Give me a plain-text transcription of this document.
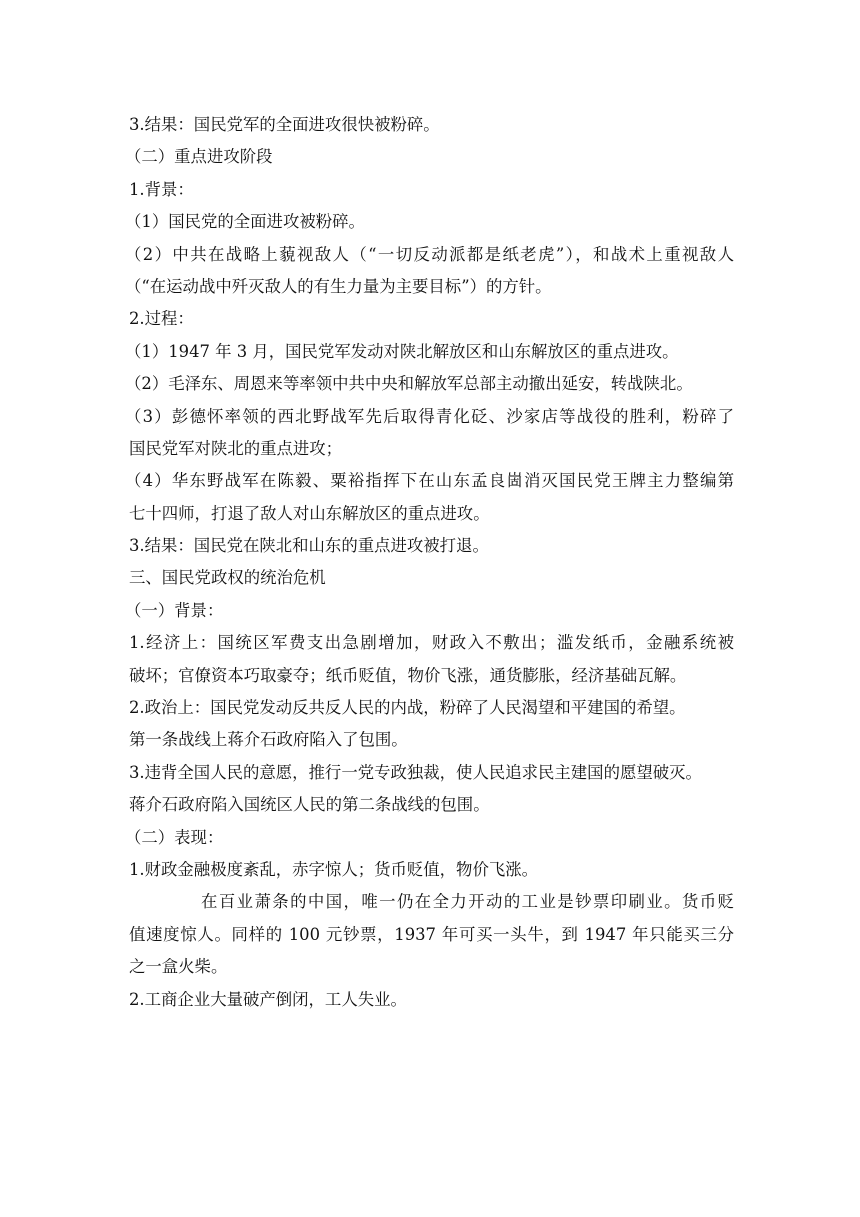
3.结果：国民党军的全面进攻很快被粉碎。
（二）重点进攻阶段
1.背景：
（1）国民党的全面进攻被粉碎。
（2）中共在战略上藐视敌人（“一切反动派都是纸老虎”），和战术上重视敌人
（“在运动战中歼灭敌人的有生力量为主要目标”）的方针。
2.过程：
（1）1947 年 3 月，国民党军发动对陕北解放区和山东解放区的重点进攻。
（2）毛泽东、周恩来等率领中共中央和解放军总部主动撤出延安，转战陕北。
（3）彭德怀率领的西北野战军先后取得青化砭、沙家店等战役的胜利，粉碎了
国民党军对陕北的重点进攻；
（4）华东野战军在陈毅、粟裕指挥下在山东孟良崮消灭国民党王牌主力整编第
七十四师，打退了敌人对山东解放区的重点进攻。
3.结果：国民党在陕北和山东的重点进攻被打退。
三、国民党政权的统治危机
（一）背景：
1.经济上：国统区军费支出急剧增加，财政入不敷出；滥发纸币，金融系统被
破坏；官僚资本巧取豪夺；纸币贬值，物价飞涨，通货膨胀，经济基础瓦解。
2.政治上：国民党发动反共反人民的内战，粉碎了人民渴望和平建国的希望。
第一条战线上蒋介石政府陷入了包围。
3.违背全国人民的意愿，推行一党专政独裁，使人民追求民主建国的愿望破灭。
蒋介石政府陷入国统区人民的第二条战线的包围。
（二）表现：
1.财政金融极度紊乱，赤字惊人；货币贬值，物价飞涨。
在百业萧条的中国，唯一仍在全力开动的工业是钞票印刷业。货币贬
值速度惊人。同样的 100 元钞票，1937 年可买一头牛，到 1947 年只能买三分
之一盒火柴。
2.工商企业大量破产倒闭，工人失业。
